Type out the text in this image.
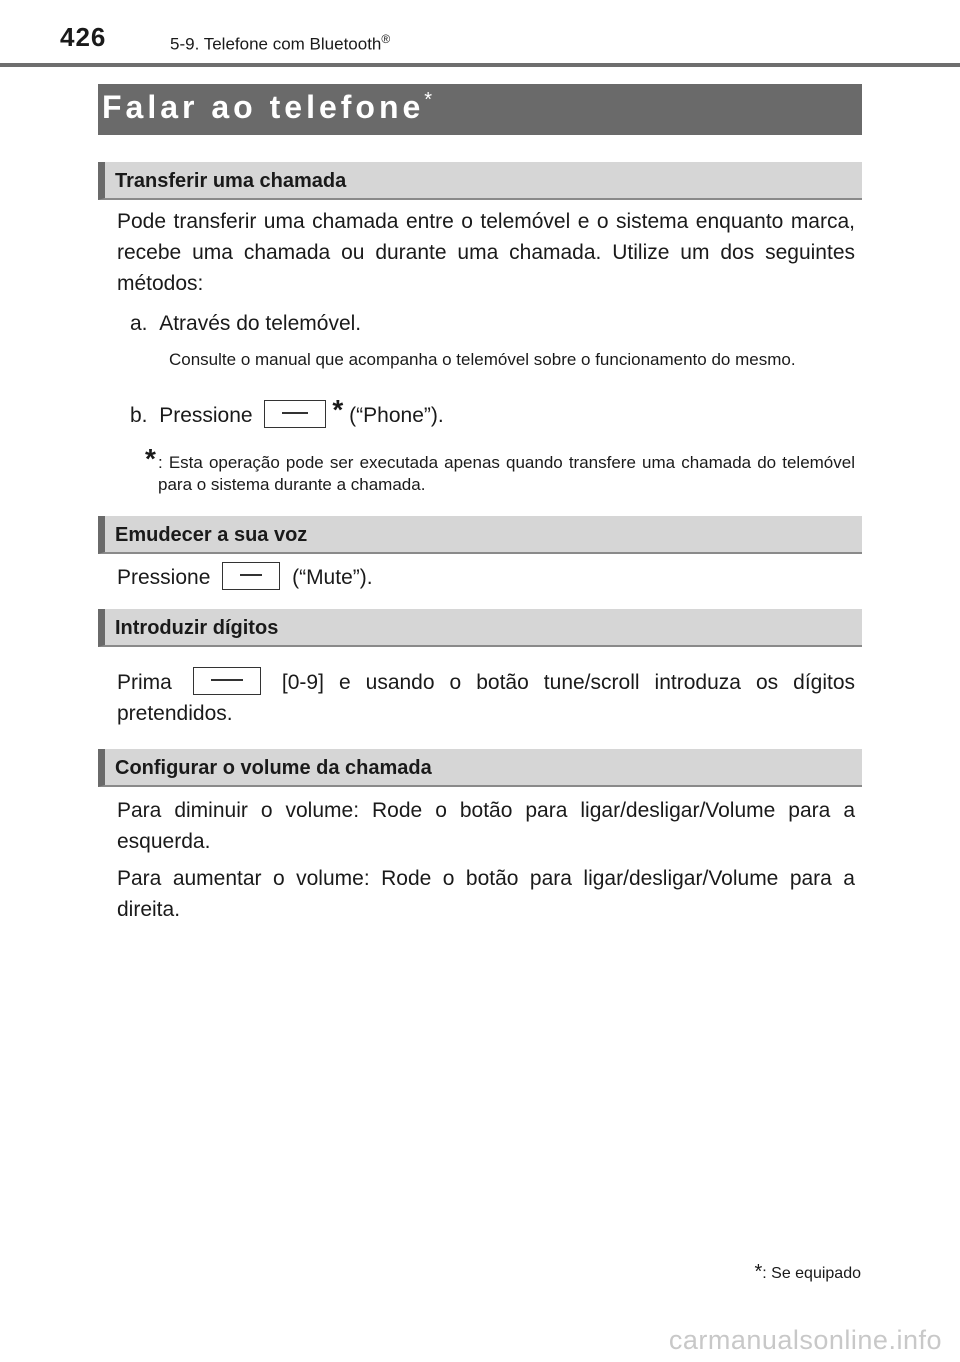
426	5-9. Telefone com Bluetooth®
Falar ao telefone*
Transferir uma chamada
Pode transferir uma chamada entre o telemóvel e o sistema enquanto marca, recebe uma chamada ou durante uma chamada. Utilize um dos seguintes métodos:
a. Através do telemóvel.
Consulte o manual que acompanha o telemóvel sobre o funcionamento do mesmo.
b. Pressione	* (“Phone”).
* : Esta operação pode ser executada apenas quando transfere uma chamada do telemóvel para o sistema durante a chamada.
Emudecer a sua voz
Pressione	(“Mute”).
Introduzir dígitos
Prima	[0-9] e usando o botão tune/scroll introduza os dígitos pretendidos.
Configurar o volume da chamada
Para diminuir o volume: Rode o botão para ligar/desligar/Volume para a esquerda.
Para aumentar o volume: Rode o botão para ligar/desligar/Volume para a direita.
*: Se equipado
carmanualsonline.info
